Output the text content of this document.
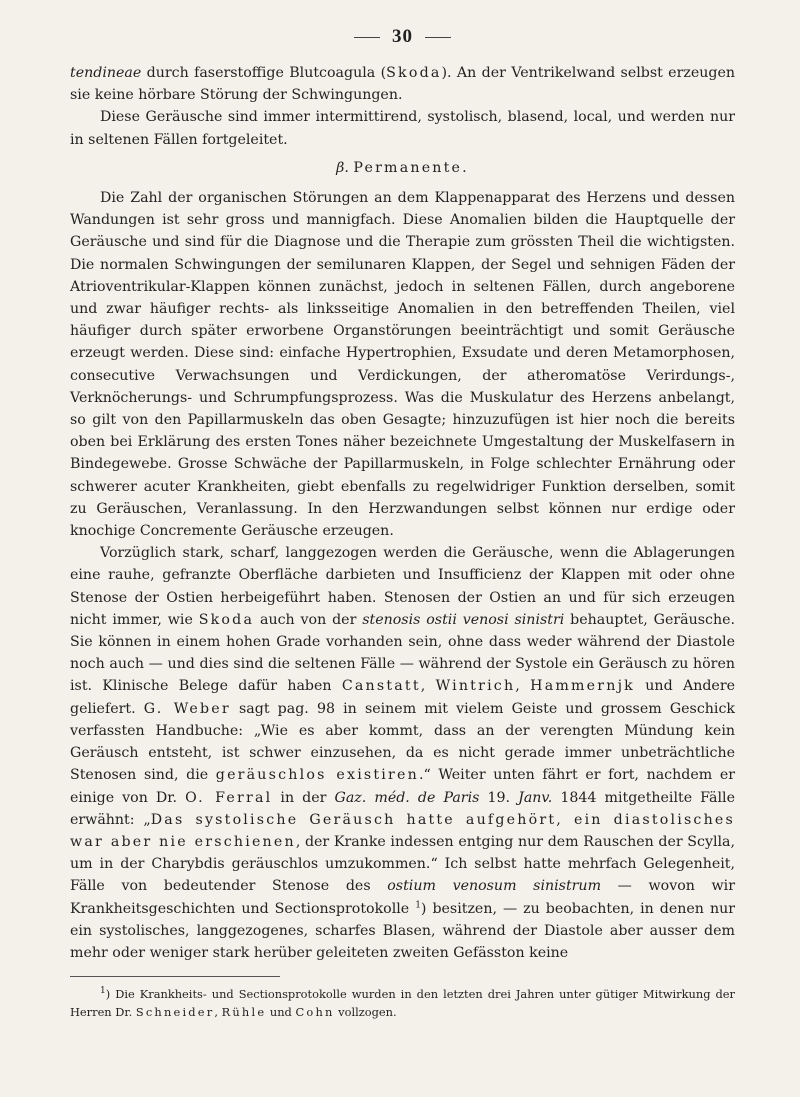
30

tendineae durch faserstoffige Blutcoagula (Skoda). An der Ventrikelwand selbst erzeugen sie keine hörbare Störung der Schwingungen.

Diese Geräusche sind immer intermittirend, systolisch, blasend, local, und werden nur in seltenen Fällen fortgeleitet.

β. Permanente.

Die Zahl der organischen Störungen an dem Klappenapparat des Herzens und dessen Wandungen ist sehr gross und mannigfach. Diese Anomalien bilden die Hauptquelle der Geräusche und sind für die Diagnose und die Therapie zum grössten Theil die wichtigsten. Die normalen Schwingungen der semilunaren Klappen, der Segel und sehnigen Fäden der Atrioventrikular-Klappen können zunächst, jedoch in seltenen Fällen, durch angeborene und zwar häufiger rechts- als linksseitige Anomalien in den betreffenden Theilen, viel häufiger durch später erworbene Organstörungen beeinträchtigt und somit Geräusche erzeugt werden. Diese sind: einfache Hypertrophien, Exsudate und deren Metamorphosen, consecutive Verwachsungen und Verdickungen, der atheromatöse Verirdungs-, Verknöcherungs- und Schrumpfungsprozess. Was die Muskulatur des Herzens anbelangt, so gilt von den Papillarmuskeln das oben Gesagte; hinzuzufügen ist hier noch die bereits oben bei Erklärung des ersten Tones näher bezeichnete Umgestaltung der Muskelfasern in Bindegewebe. Grosse Schwäche der Papillarmuskeln, in Folge schlechter Ernährung oder schwerer acuter Krankheiten, giebt ebenfalls zu regelwidriger Funktion derselben, somit zu Geräuschen, Veranlassung. In den Herzwandungen selbst können nur erdige oder knochige Concremente Geräusche erzeugen.

Vorzüglich stark, scharf, langgezogen werden die Geräusche, wenn die Ablagerungen eine rauhe, gefranzte Oberfläche darbieten und Insufficienz der Klappen mit oder ohne Stenose der Ostien herbeigeführt haben. Stenosen der Ostien an und für sich erzeugen nicht immer, wie Skoda auch von der stenosis ostii venosi sinistri behauptet, Geräusche. Sie können in einem hohen Grade vorhanden sein, ohne dass weder während der Diastole noch auch — und dies sind die seltenen Fälle — während der Systole ein Geräusch zu hören ist. Klinische Belege dafür haben Canstatt, Wintrich, Hammernjk und Andere geliefert. G. Weber sagt pag. 98 in seinem mit vielem Geiste und grossem Geschick verfassten Handbuche: „Wie es aber kommt, dass an der verengten Mündung kein Geräusch entsteht, ist schwer einzusehen, da es nicht gerade immer unbeträchtliche Stenosen sind, die geräuschlos existiren.“ Weiter unten fährt er fort, nachdem er einige von Dr. O. Ferral in der Gaz. méd. de Paris 19. Janv. 1844 mitgetheilte Fälle erwähnt: „Das systolische Geräusch hatte aufgehört, ein diastolisches war aber nie erschienen, der Kranke indessen entging nur dem Rauschen der Scylla, um in der Charybdis geräuschlos umzukommen.“ Ich selbst hatte mehrfach Gelegenheit, Fälle von bedeutender Stenose des ostium venosum sinistrum — wovon wir Krankheitsgeschichten und Sectionsprotokolle $^1$) besitzen, — zu beobachten, in denen nur ein systolisches, langgezogenes, scharfes Blasen, während der Diastole aber ausser dem mehr oder weniger stark herüber geleiteten zweiten Gefässton keine

$^1$) Die Krankheits- und Sectionsprotokolle wurden in den letzten drei Jahren unter gütiger Mitwirkung der Herren Dr. Schneider, Rühle und Cohn vollzogen.
